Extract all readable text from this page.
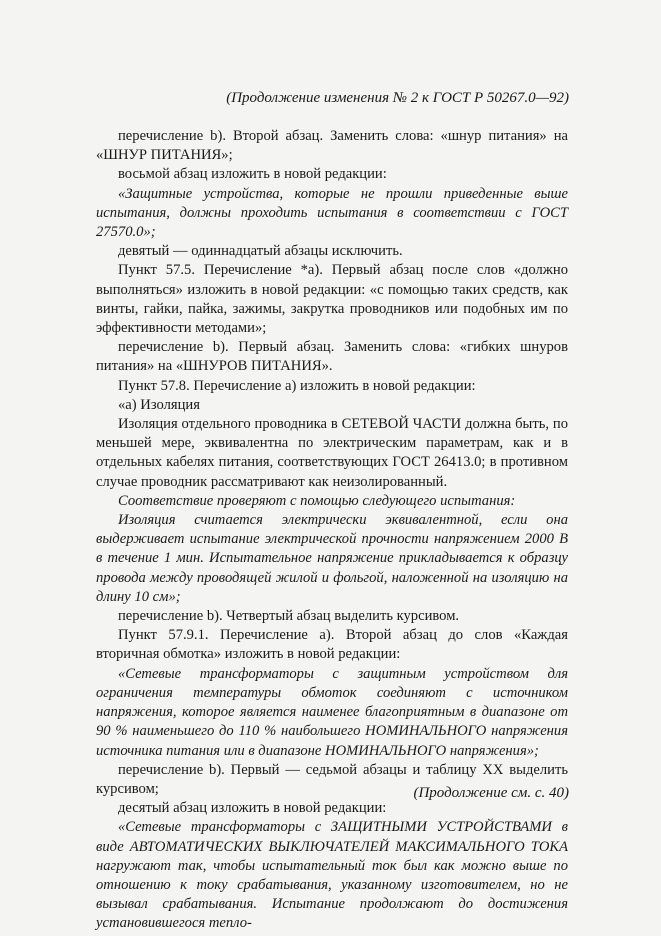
(Продолжение изменения № 2 к ГОСТ Р 50267.0—92)

перечисление b). Второй абзац. Заменить слова: «шнур питания» на «ШНУР ПИТАНИЯ»;

восьмой абзац изложить в новой редакции:

«Защитные устройства, которые не прошли приведенные выше испытания, должны проходить испытания в соответствии с ГОСТ 27570.0»;

девятый — одиннадцатый абзацы исключить.

Пункт 57.5. Перечисление *а). Первый абзац после слов «должно выполняться» изложить в новой редакции: «с помощью таких средств, как винты, гайки, пайка, зажимы, закрутка проводников или подобных им по эффективности методами»;

перечисление b). Первый абзац. Заменить слова: «гибких шнуров питания» на «ШНУРОВ ПИТАНИЯ».

Пункт 57.8. Перечисление а) изложить в новой редакции:

«а) Изоляция

Изоляция отдельного проводника в СЕТЕВОЙ ЧАСТИ должна быть, по меньшей мере, эквивалентна по электрическим параметрам, как и в отдельных кабелях питания, соответствующих ГОСТ 26413.0; в противном случае проводник рассматривают как неизолированный.

Соответствие проверяют с помощью следующего испытания:

Изоляция считается электрически эквивалентной, если она выдерживает испытание электрической прочности напряжением 2000 В в течение 1 мин. Испытательное напряжение прикладывается к образцу провода между проводящей жилой и фольгой, наложенной на изоляцию на длину 10 см»;

перечисление b). Четвертый абзац выделить курсивом.

Пункт 57.9.1. Перечисление а). Второй абзац до слов «Каждая вторичная обмотка» изложить в новой редакции:

«Сетевые трансформаторы с защитным устройством для ограничения температуры обмоток соединяют с источником напряжения, которое является наименее благоприятным в диапазоне от 90 % наименьшего до 110 % наибольшего НОМИНАЛЬНОГО напряжения источника питания или в диапазоне НОМИНАЛЬНОГО напряжения»;

перечисление b). Первый — седьмой абзацы и таблицу XX выделить курсивом;

десятый абзац изложить в новой редакции:

«Сетевые трансформаторы с ЗАЩИТНЫМИ УСТРОЙСТВАМИ в виде АВТОМАТИЧЕСКИХ ВЫКЛЮЧАТЕЛЕЙ МАКСИМАЛЬНОГО ТОКА нагружают так, чтобы испытательный ток был как можно выше по отношению к току срабатывания, указанному изготовителем, но не вызывал срабатывания. Испытание продолжают до достижения установившегося тепло-

(Продолжение см. с. 40)
